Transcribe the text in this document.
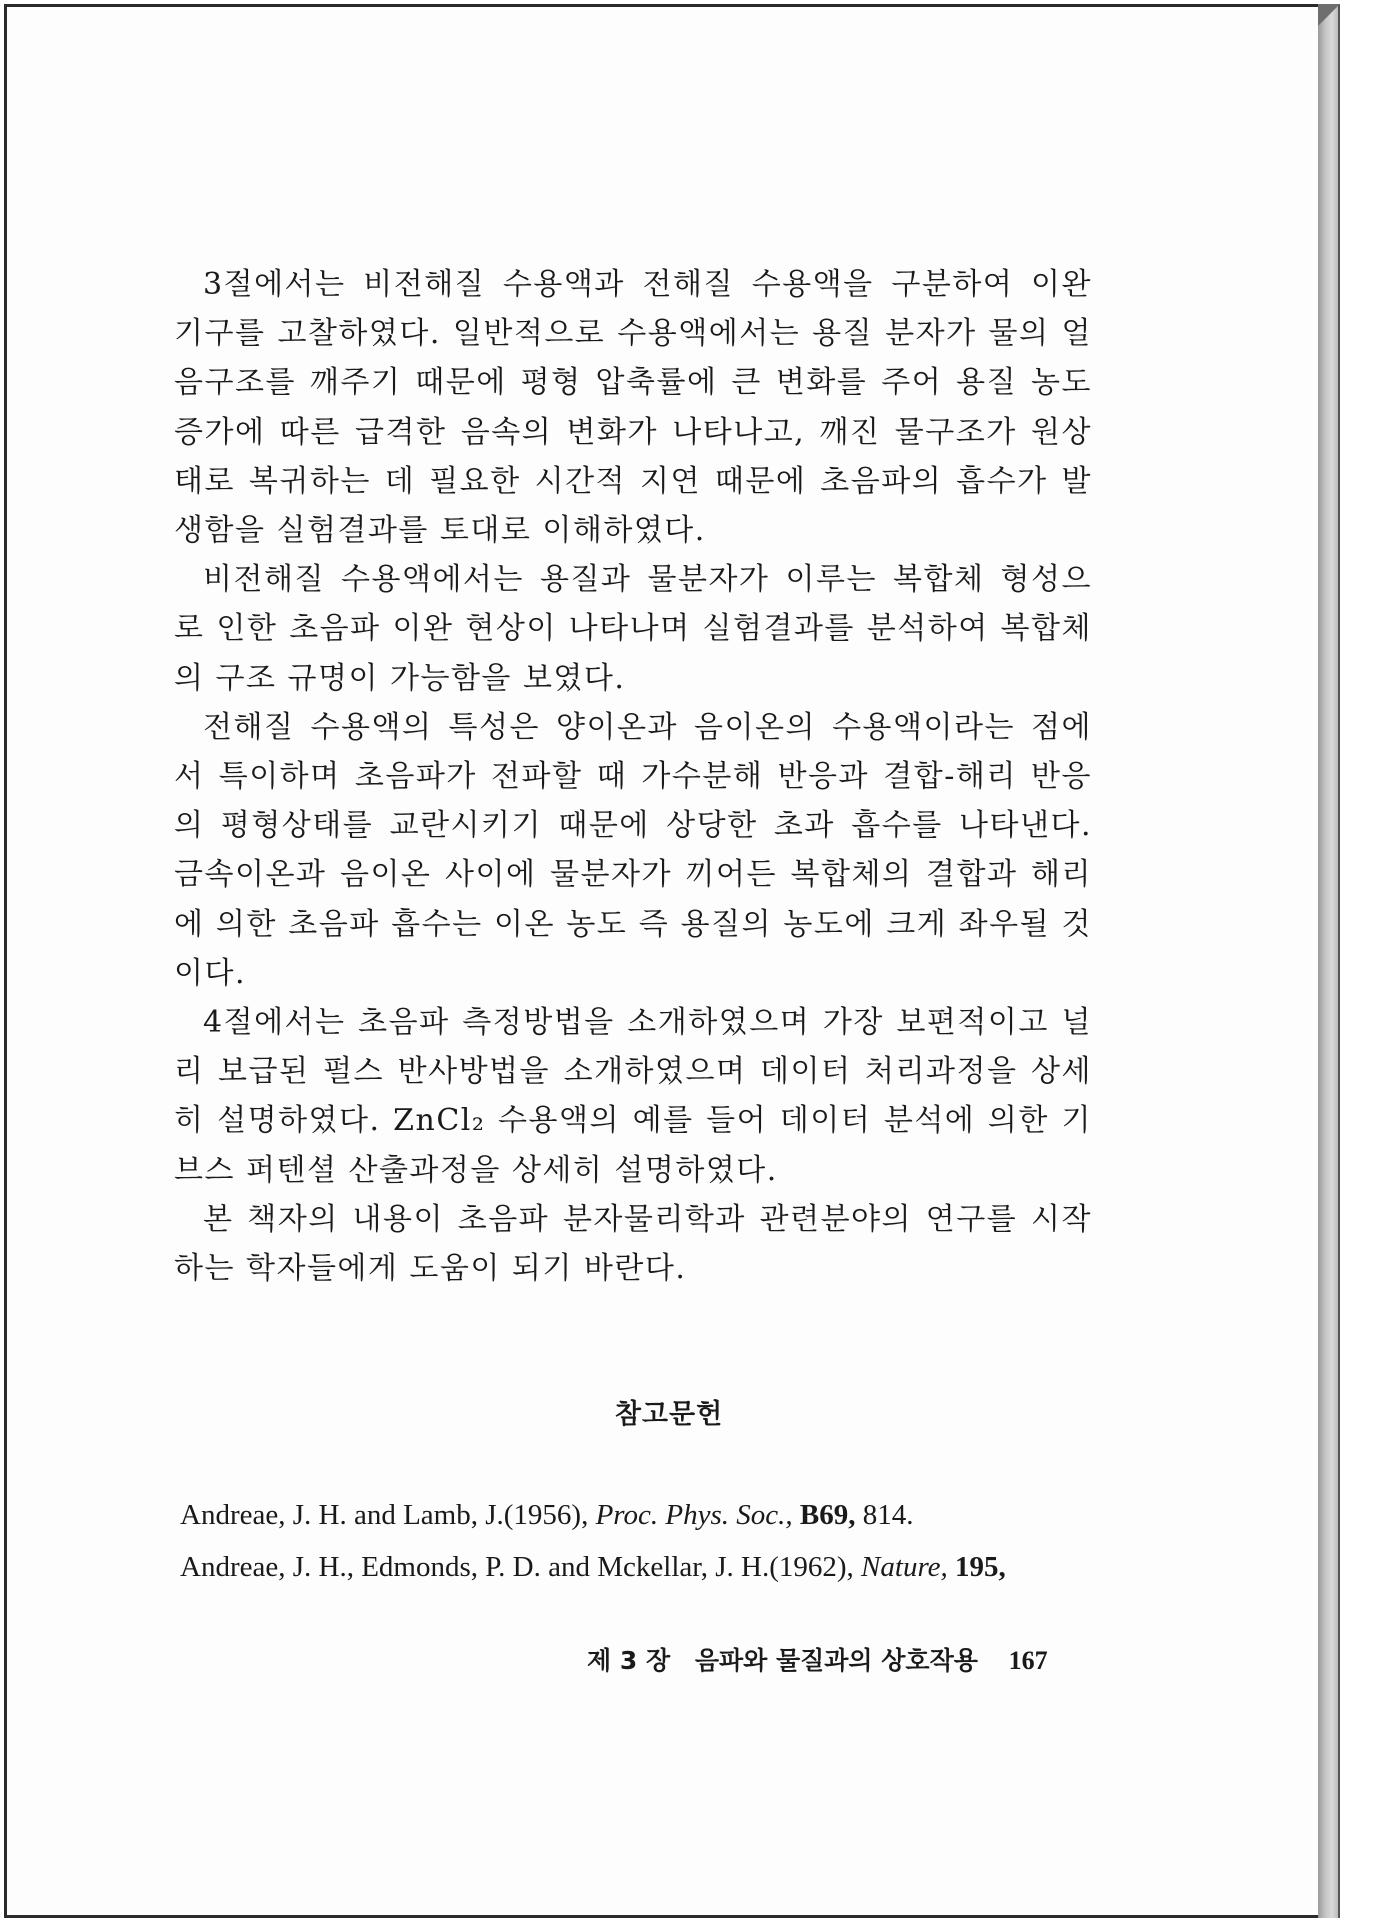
3절에서는 비전해질 수용액과 전해질 수용액을 구분하여 이완 기구를 고찰하였다. 일반적으로 수용액에서는 용질 분자가 물의 얼음구조를 깨주기 때문에 평형 압축률에 큰 변화를 주어 용질 농도 증가에 따른 급격한 음속의 변화가 나타나고, 깨진 물구조가 원상태로 복귀하는 데 필요한 시간적 지연 때문에 초음파의 흡수가 발생함을 실험결과를 토대로 이해하였다.

비전해질 수용액에서는 용질과 물분자가 이루는 복합체 형성으로 인한 초음파 이완 현상이 나타나며 실험결과를 분석하여 복합체의 구조 규명이 가능함을 보였다.

전해질 수용액의 특성은 양이온과 음이온의 수용액이라는 점에서 특이하며 초음파가 전파할 때 가수분해 반응과 결합-해리 반응의 평형상태를 교란시키기 때문에 상당한 초과 흡수를 나타낸다. 금속이온과 음이온 사이에 물분자가 끼어든 복합체의 결합과 해리에 의한 초음파 흡수는 이온 농도 즉 용질의 농도에 크게 좌우될 것이다.

4절에서는 초음파 측정방법을 소개하였으며 가장 보편적이고 널리 보급된 펄스 반사방법을 소개하였으며 데이터 처리과정을 상세히 설명하였다. ZnCl₂ 수용액의 예를 들어 데이터 분석에 의한 기브스 퍼텐셜 산출과정을 상세히 설명하였다.

본 책자의 내용이 초음파 분자물리학과 관련분야의 연구를 시작하는 학자들에게 도움이 되기 바란다.

참고문헌
Andreae, J. H. and Lamb, J.(1956), Proc. Phys. Soc., B69, 814.
Andreae, J. H., Edmonds, P. D. and Mckellar, J. H.(1962), Nature, 195,
제 3 장 음파와 물질과의 상호작용 167
